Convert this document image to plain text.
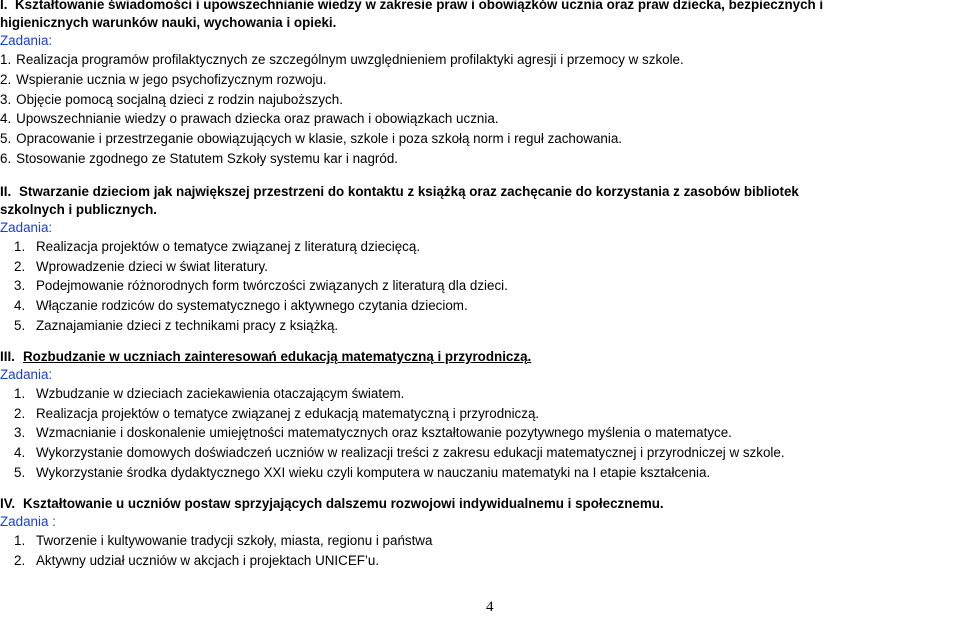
I. Kształtowanie świadomości i upowszechnianie wiedzy w zakresie praw i obowiązków ucznia oraz praw dziecka, bezpiecznych i
higienicznych warunków nauki, wychowania i opieki.
Zadania:
1. Realizacja programów profilaktycznych ze szczególnym uwzględnieniem profilaktyki agresji i przemocy w szkole.
2. Wspieranie ucznia w jego psychofizycznym rozwoju.
3. Objęcie pomocą socjalną dzieci z rodzin najuboższych.
4. Upowszechnianie wiedzy o prawach dziecka oraz prawach i obowiązkach ucznia.
5. Opracowanie i przestrzeganie obowiązujących w klasie, szkole i poza szkołą norm i reguł zachowania.
6. Stosowanie zgodnego ze Statutem Szkoły systemu kar i nagród.
II. Stwarzanie dzieciom jak największej przestrzeni do kontaktu z książką oraz zachęcanie do korzystania z zasobów bibliotek
szkolnych i publicznych.
Zadania:
1. Realizacja projektów o tematyce związanej z literaturą dziecięcą.
2. Wprowadzenie dzieci w świat literatury.
3. Podejmowanie różnorodnych form twórczości związanych z literaturą dla dzieci.
4. Włączanie rodziców do systematycznego i aktywnego czytania dzieciom.
5. Zaznajamianie dzieci z technikami pracy z książką.
III. Rozbudzanie w uczniach zainteresowań edukacją matematyczną i przyrodniczą.
Zadania:
1. Wzbudzanie w dzieciach zaciekawienia otaczającym światem.
2. Realizacja projektów o tematyce związanej z edukacją matematyczną i przyrodniczą.
3. Wzmacnianie i doskonalenie umiejętności matematycznych oraz kształtowanie pozytywnego myślenia o matematyce.
4. Wykorzystanie domowych doświadczeń uczniów w realizacji treści z zakresu edukacji matematycznej i przyrodniczej w szkole.
5. Wykorzystanie środka dydaktycznego XXI wieku czyli komputera w nauczaniu matematyki na I etapie kształcenia.
IV. Kształtowanie u uczniów postaw sprzyjających dalszemu rozwojowi indywidualnemu i społecznemu.
Zadania :
1. Tworzenie i kultywowanie tradycji szkoły, miasta, regionu i państwa
2. Aktywny udział uczniów w akcjach i projektach UNICEF’u.
4
